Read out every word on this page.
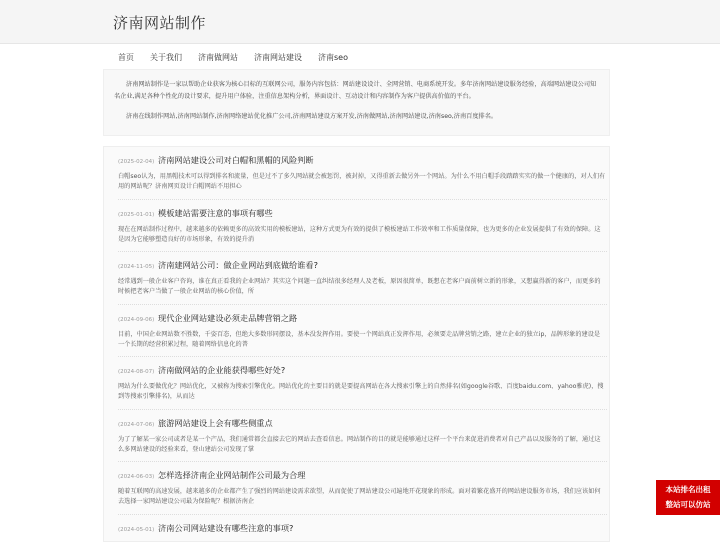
济南网站制作
首页 关于我们 济南做网站 济南网站建设 济南seo

济南网站制作是一家以帮助企业获客为核心目标的互联网公司，服务内容包括：网站建设设计、全网营销、电商系统开发。多年济南网站建设服务经验，高端网站建设公司知名企业,满足各种个性化的设计要求，提升用户体验，注重信息架构分析，界面设计、互动设计和内容制作为客户提供高价值的平台。

济南在线制作网站,济南网站制作,济南网络建站优化推广公司,济南网站建设方案开发,济南做网站,济南网站建设,济南seo,济南百度排名。

(2025-02-04) 济南网站建设公司对白帽和黑帽的风险判断
白帽seo认为，用黑帽技术可以得到排名和流量，但是过不了多久网站就会被惩罚，被封掉，又得重新去做另外一个网站。为什么不用白帽手段踏踏实实的做一个健康的，对人们有用的网站呢？济南网页设计白帽网站不用担心
(2025-01-01) 模板建站需要注意的事项有哪些
现在在网站制作过程中，越来越多的依赖更多的高效实用的模板建站，这种方式更为有效的提供了模板建站工作效率和工作质量保障，也为更多的企业发展提供了有效的保障。这是因为它能够塑造良好的市场形象，有效的提升消
(2024-11-05) 济南建网站公司：做企业网站到底做给谁看?
经常遇到一般企业客户咨询，谁在真正看我的企业网站？其实这个问题一直纠结很多经理人及老板，原因很简单，既想在老客户面前树立新的形象，又想赢得新的客户，而更多的时候把老客户当做了一般企业网站的核心价值，所
(2024-09-06) 现代企业网站建设必须走品牌营销之路
目前，中国企业网站数不胜数，千姿百态，但绝大多数形同摆设，基本没发挥作用。要使一个网站真正发挥作用，必须要走品牌营销之路，建立企业的独立ip，品牌形象的建设是一个长期的经营积累过程，随着网络信息化的普
(2024-08-07) 济南做网站的企业能获得哪些好处?
网站为什么要做优化？网站优化，又被称为搜索引擎优化。网站优化的主要目的就是要提高网站在各大搜索引擎上的自然排名(如google谷歌、百度baidu.com、yahoo雅虎)，搜到等搜索引擎排名)，从而达
(2024-07-06) 旅游网站建设上会有哪些侧重点
为了了解某一家公司或者是某一个产品，我们通常都会直接去它的网站去查看信息。网站制作的目的就是能够通过这样一个平台来促进消费者对自己产品以及服务的了解，通过这么多网站建设的经验来看，登山建站公司发现了掌
(2024-06-03) 怎样选择济南企业网站制作公司最为合理
随着互联网的高速发展，越来越多的企业都产生了强烈的网站建设需求欲望，从而促使了网站建设公司遍地开花现象的形成。面对着繁花盛开的网站建设服务市场，我们应该如何去选择一家网站建设公司最为保险呢？根据济南企
(2024-05-01) 济南公司网站建设有哪些注意的事项?
本站排名出租
整站可以仿站
